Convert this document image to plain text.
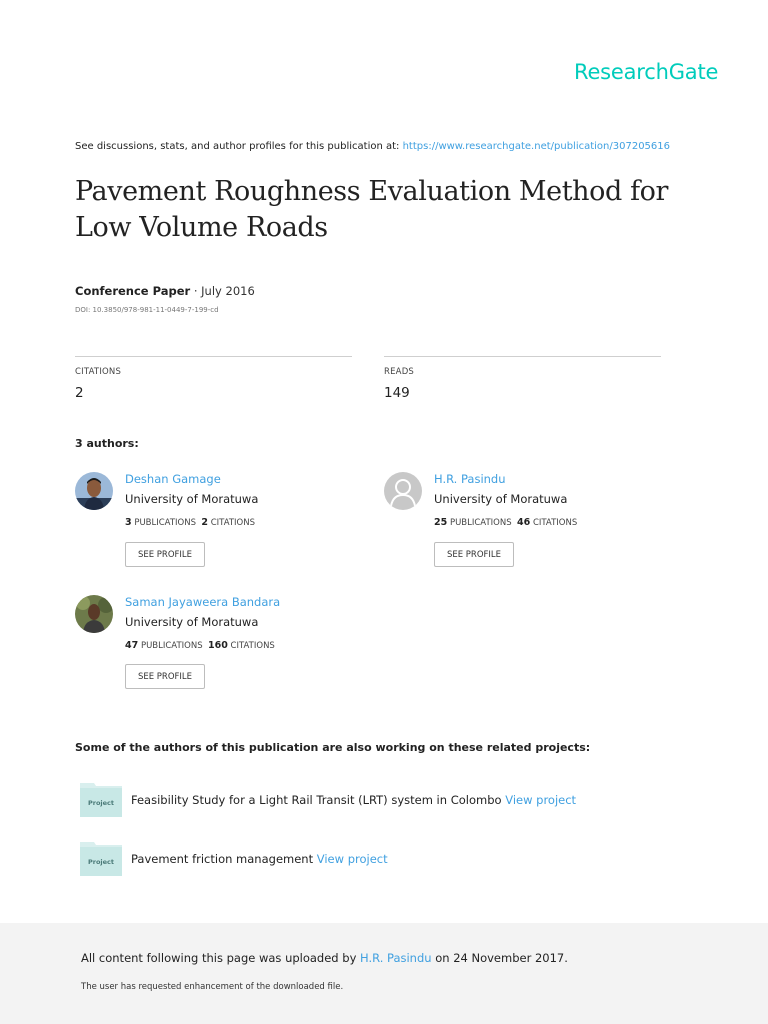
ResearchGate
See discussions, stats, and author profiles for this publication at: https://www.researchgate.net/publication/307205616
Pavement Roughness Evaluation Method for Low Volume Roads
Conference Paper · July 2016
DOI: 10.3850/978-981-11-0449-7-199-cd
CITATIONS
2
READS
149
3 authors:
Deshan Gamage
University of Moratuwa
3 PUBLICATIONS 2 CITATIONS
SEE PROFILE
H.R. Pasindu
University of Moratuwa
25 PUBLICATIONS 46 CITATIONS
SEE PROFILE
Saman Jayaweera Bandara
University of Moratuwa
47 PUBLICATIONS 160 CITATIONS
SEE PROFILE
Some of the authors of this publication are also working on these related projects:
Project Feasibility Study for a Light Rail Transit (LRT) system in Colombo View project
Project Pavement friction management View project
All content following this page was uploaded by H.R. Pasindu on 24 November 2017.
The user has requested enhancement of the downloaded file.
